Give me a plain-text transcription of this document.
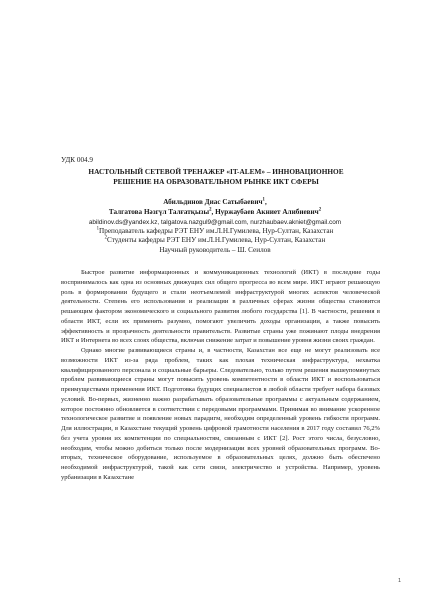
УДК 004.9
НАСТОЛЬНЫЙ СЕТЕВОЙ ТРЕНАЖЕР «IT-ALEM» – ИННОВАЦИОННОЕ
РЕШЕНИЕ НА ОБРАЗОВАТЕЛЬНОМ РЫНКЕ ИКТ СФЕРЫ
Абильдинов Диас Сатыбаевич$^1$,
Талгатова Нәзгүл Талғатқызы$^2$, Нуржаубаев Акниет Алибиевич$^2$
abildinov.ds@yandex.kz, talgatova.nazgul9@gmail.com, nurzhaubaev.akniet@gmail.com
$^1$Преподаватель кафедры РЭТ ЕНУ им.Л.Н.Гумилева, Нур-Султан, Казахстан
$^2$Студенты кафедры РЭТ ЕНУ им.Л.Н.Гумилева, Нур-Султан, Казахстан
Научный руководитель – Ш. Сеилов

Быстрое развитие информационных и коммуникационных технологий (ИКТ) в последние годы воспринималось как одна из основных движущих сил общего прогресса во всем мире. ИКТ играют решающую роль в формировании будущего и стали неотъемлемой инфраструктурой многих аспектов человеческой деятельности. Степень его использования и реализации в различных сферах жизни общества становится решающим фактором экономического и социального развития любого государства [1]. В частности, решения в области ИКТ, если их применять разумно, помогают увеличить доходы организации, а также повысить эффективность и прозрачность деятельности правительств. Развитые страны уже пожинают плоды внедрения ИКТ и Интернета во всех слоях общества, включая снижение затрат и повышение уровня жизни своих граждан.

Однако многие развивающиеся страны и, в частности, Казахстан все еще не могут реализовать все возможности ИКТ из-за ряда проблем, таких как плохая техническая инфраструктура, нехватка квалифицированного персонала и социальные барьеры. Следовательно, только путем решения вышеупомянутых проблем развивающиеся страны могут повысить уровень компетентности в области ИКТ и воспользоваться преимуществами применения ИКТ. Подготовка будущих специалистов в любой области требует набора базовых условий. Во-первых, жизненно важно разрабатывать образовательные программы с актуальным содержанием, которое постоянно обновляется в соответствии с передовыми программами. Принимая во внимание ускоренное технологическое развитие и появление новых парадигм, необходим определенный уровень гибкости программ. Для иллюстрации, в Казахстане текущий уровень цифровой грамотности населения в 2017 году составил 76,2% без учета уровня их компетенции по специальностям, связанным с ИКТ [2]. Рост этого числа, безусловно, необходим, чтобы можно добиться только после модернизации всех уровней образовательных программ. Во-вторых, техническое оборудование, используемое в образовательных целях, должно быть обеспечено необходимой инфраструктурой, такой как сети связи, электричество и устройства. Например, уровень урбанизации в Казахстане

1
